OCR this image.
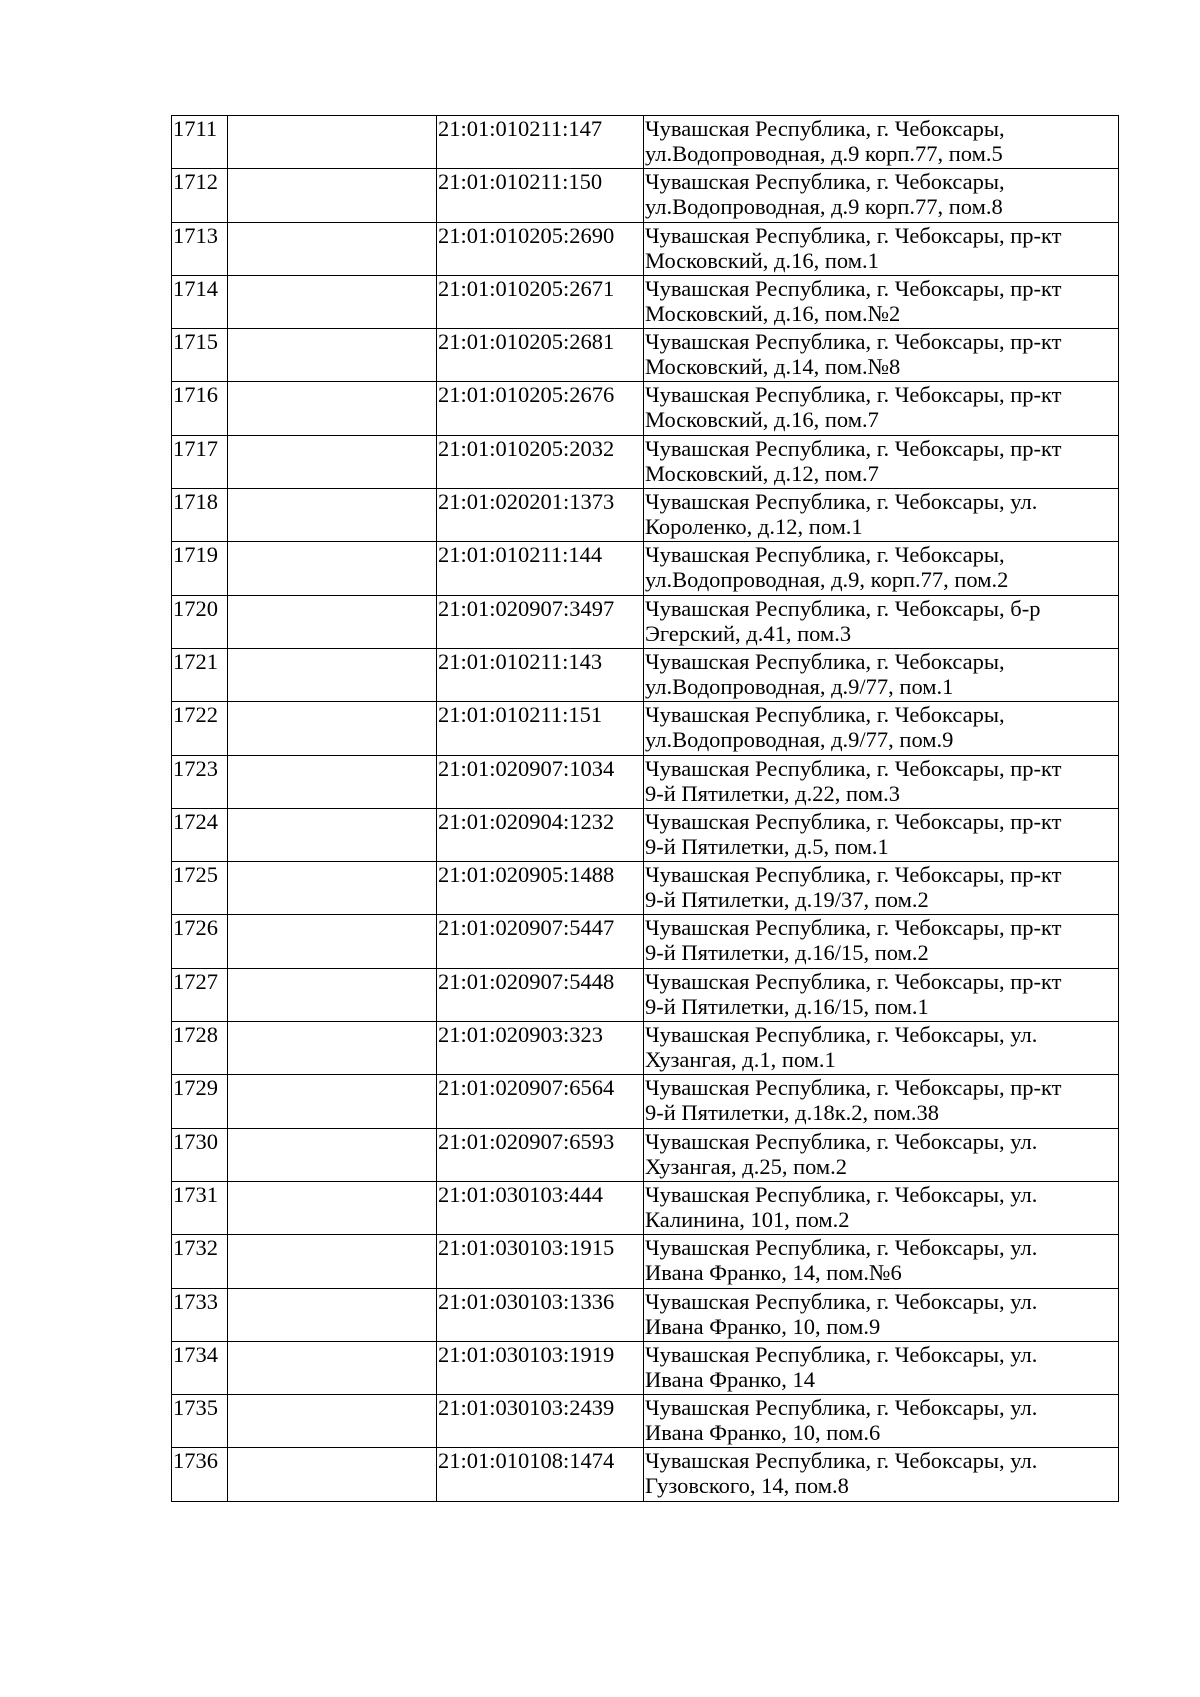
1711		21:01:010211:147	Чувашская Республика, г. Чебоксары,
ул.Водопроводная, д.9 корп.77, пом.5

1712		21:01:010211:150	Чувашская Республика, г. Чебоксары,
ул.Водопроводная, д.9 корп.77, пом.8

1713		21:01:010205:2690	Чувашская Республика, г. Чебоксары, пр-кт
Московский, д.16, пом.1

1714		21:01:010205:2671	Чувашская Республика, г. Чебоксары, пр-кт
Московский, д.16, пом.№2

1715		21:01:010205:2681	Чувашская Республика, г. Чебоксары, пр-кт
Московский, д.14, пом.№8

1716		21:01:010205:2676	Чувашская Республика, г. Чебоксары, пр-кт
Московский, д.16, пом.7

1717		21:01:010205:2032	Чувашская Республика, г. Чебоксары, пр-кт
Московский, д.12, пом.7

1718		21:01:020201:1373	Чувашская Республика, г. Чебоксары, ул.
Короленко, д.12, пом.1

1719		21:01:010211:144	Чувашская Республика, г. Чебоксары,
ул.Водопроводная, д.9, корп.77, пом.2

1720		21:01:020907:3497	Чувашская Республика, г. Чебоксары, б-р
Эгерский, д.41, пом.3

1721		21:01:010211:143	Чувашская Республика, г. Чебоксары,
ул.Водопроводная, д.9/77, пом.1

1722		21:01:010211:151	Чувашская Республика, г. Чебоксары,
ул.Водопроводная, д.9/77, пом.9

1723		21:01:020907:1034	Чувашская Республика, г. Чебоксары, пр-кт
9-й Пятилетки, д.22, пом.3

1724		21:01:020904:1232	Чувашская Республика, г. Чебоксары, пр-кт
9-й Пятилетки, д.5, пом.1

1725		21:01:020905:1488	Чувашская Республика, г. Чебоксары, пр-кт
9-й Пятилетки, д.19/37, пом.2

1726		21:01:020907:5447	Чувашская Республика, г. Чебоксары, пр-кт
9-й Пятилетки, д.16/15, пом.2

1727		21:01:020907:5448	Чувашская Республика, г. Чебоксары, пр-кт
9-й Пятилетки, д.16/15, пом.1

1728		21:01:020903:323	Чувашская Республика, г. Чебоксары, ул.
Хузангая, д.1, пом.1

1729		21:01:020907:6564	Чувашская Республика, г. Чебоксары, пр-кт
9-й Пятилетки, д.18к.2, пом.38

1730		21:01:020907:6593	Чувашская Республика, г. Чебоксары, ул.
Хузангая, д.25, пом.2

1731		21:01:030103:444	Чувашская Республика, г. Чебоксары, ул.
Калинина, 101, пом.2

1732		21:01:030103:1915	Чувашская Республика, г. Чебоксары, ул.
Ивана Франко, 14, пом.№6

1733		21:01:030103:1336	Чувашская Республика, г. Чебоксары, ул.
Ивана Франко, 10, пом.9

1734		21:01:030103:1919	Чувашская Республика, г. Чебоксары, ул.
Ивана Франко, 14

1735		21:01:030103:2439	Чувашская Республика, г. Чебоксары, ул.
Ивана Франко, 10, пом.6

1736		21:01:010108:1474	Чувашская Республика, г. Чебоксары, ул.
Гузовского, 14, пом.8
